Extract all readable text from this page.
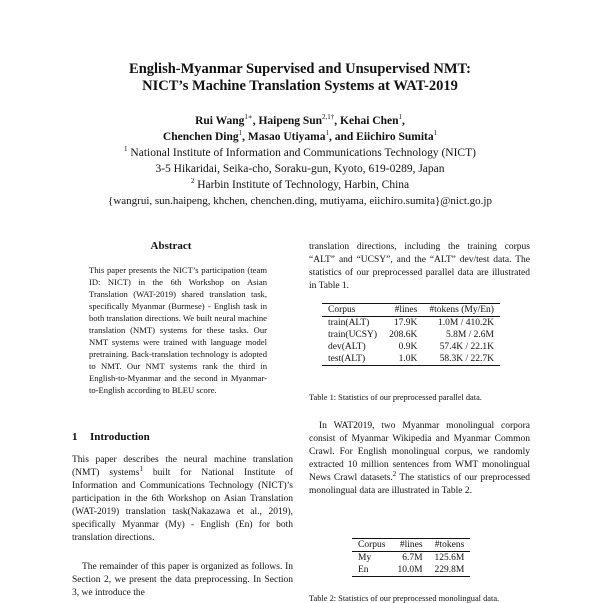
English-Myanmar Supervised and Unsupervised NMT:
NICT’s Machine Translation Systems at WAT-2019
Rui Wang$^{1∗}$, Haipeng Sun$^{2,1\dagger}$, Kehai Chen$^1$,
Chenchen Ding$^1$, Masao Utiyama$^1$, and Eiichiro Sumita$^1$
$^1$ National Institute of Information and Communications Technology (NICT)
3-5 Hikaridai, Seika-cho, Soraku-gun, Kyoto, 619-0289, Japan
$^2$ Harbin Institute of Technology, Harbin, China
{wangrui, sun.haipeng, khchen, chenchen.ding, mutiyama, eiichiro.sumita}@nict.go.jp
Abstract

This paper presents the NICT’s participation (team ID: NICT) in the 6th Workshop on Asian Translation (WAT-2019) shared translation task, specifically Myanmar (Burmese) - English task in both translation directions. We built neural machine translation (NMT) systems for these tasks. Our NMT systems were trained with language model pretraining. Back-translation technology is adopted to NMT. Our NMT systems rank the third in English-to-Myanmar and the second in Myanmar-to-English according to BLEU score.

1 Introduction

This paper describes the neural machine translation (NMT) systems$^1$ built for National Institute of Information and Communications Technology (NICT)’s participation in the 6th Workshop on Asian Translation (WAT-2019) translation task(Nakazawa et al., 2019), specifically Myanmar (My) - English (En) for both translation directions.

The remainder of this paper is organized as follows. In Section 2, we present the data preprocessing. In Section 3, we introduce the

translation directions, including the training corpus “ALT” and “UCSY”, and the “ALT” dev/test data. The statistics of our preprocessed parallel data are illustrated in Table 1.

Corpus	#lines	#tokens (My/En)
train(ALT)	17.9K	1.0M / 410.2K
train(UCSY)	208.6K	5.8M / 2.6M
dev(ALT)	0.9K	57.4K / 22.1K
test(ALT)	1.0K	58.3K / 22.7K
Table 1: Statistics of our preprocessed parallel data.

In WAT2019, two Myanmar monolingual corpora consist of Myanmar Wikipedia and Myanmar Common Crawl. For English monolingual corpus, we randomly extracted 10 million sentences from WMT monolingual News Crawl datasets.$^2$ The statistics of our preprocessed monolingual data are illustrated in Table 2.

Corpus	#lines	#tokens
My	6.7M	125.6M
En	10.0M	229.8M
Table 2: Statistics of our preprocessed monolingual data.
